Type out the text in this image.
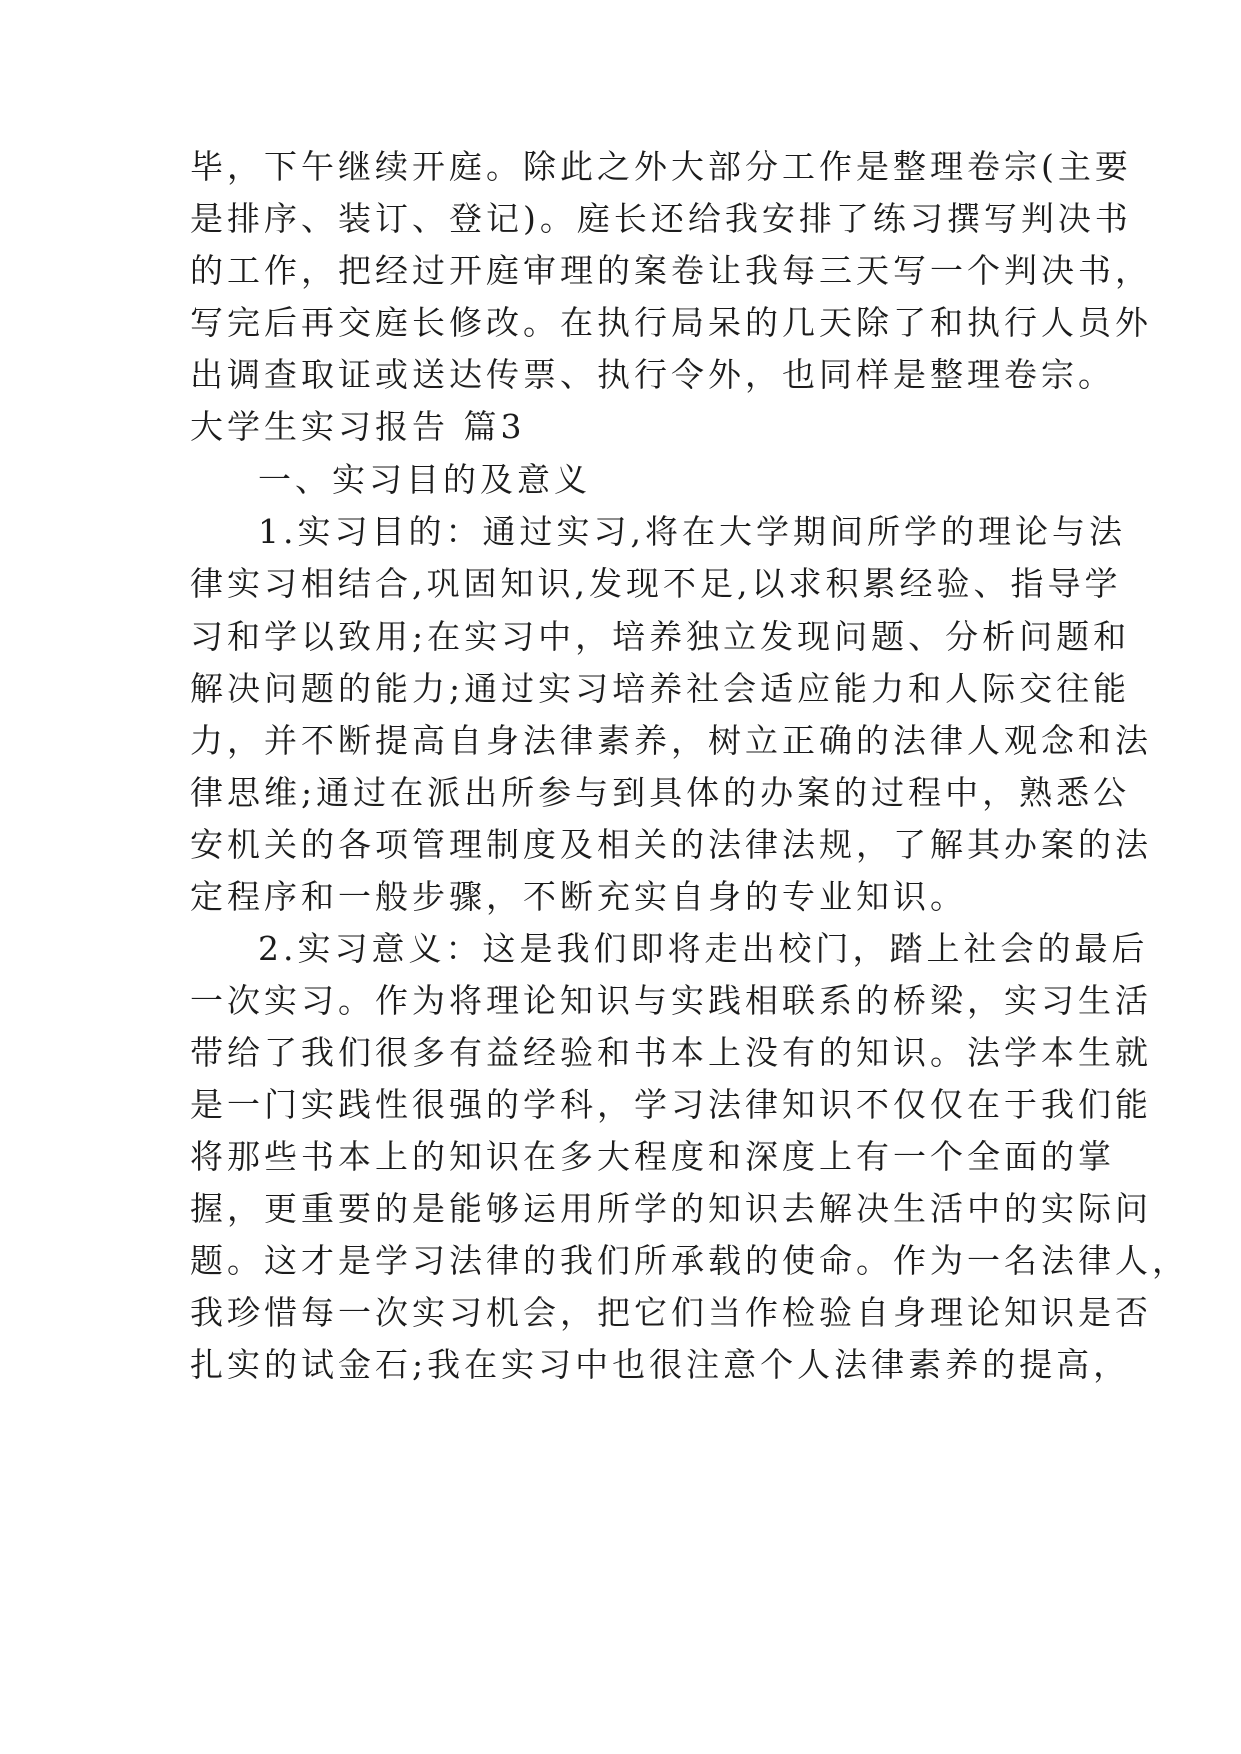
毕，下午继续开庭。除此之外大部分工作是整理卷宗(主要
是排序、装订、登记)。庭长还给我安排了练习撰写判决书
的工作，把经过开庭审理的案卷让我每三天写一个判决书，
写完后再交庭长修改。在执行局呆的几天除了和执行人员外
出调查取证或送达传票、执行令外，也同样是整理卷宗。
大学生实习报告 篇3
一、实习目的及意义
1.实习目的：通过实习,将在大学期间所学的理论与法
律实习相结合,巩固知识,发现不足,以求积累经验、指导学
习和学以致用;在实习中，培养独立发现问题、分析问题和
解决问题的能力;通过实习培养社会适应能力和人际交往能
力，并不断提高自身法律素养，树立正确的法律人观念和法
律思维;通过在派出所参与到具体的办案的过程中，熟悉公
安机关的各项管理制度及相关的法律法规，了解其办案的法
定程序和一般步骤，不断充实自身的专业知识。
2.实习意义：这是我们即将走出校门，踏上社会的最后
一次实习。作为将理论知识与实践相联系的桥梁，实习生活
带给了我们很多有益经验和书本上没有的知识。法学本生就
是一门实践性很强的学科，学习法律知识不仅仅在于我们能
将那些书本上的知识在多大程度和深度上有一个全面的掌
握，更重要的是能够运用所学的知识去解决生活中的实际问
题。这才是学习法律的我们所承载的使命。作为一名法律人，
我珍惜每一次实习机会，把它们当作检验自身理论知识是否
扎实的试金石;我在实习中也很注意个人法律素养的提高，
